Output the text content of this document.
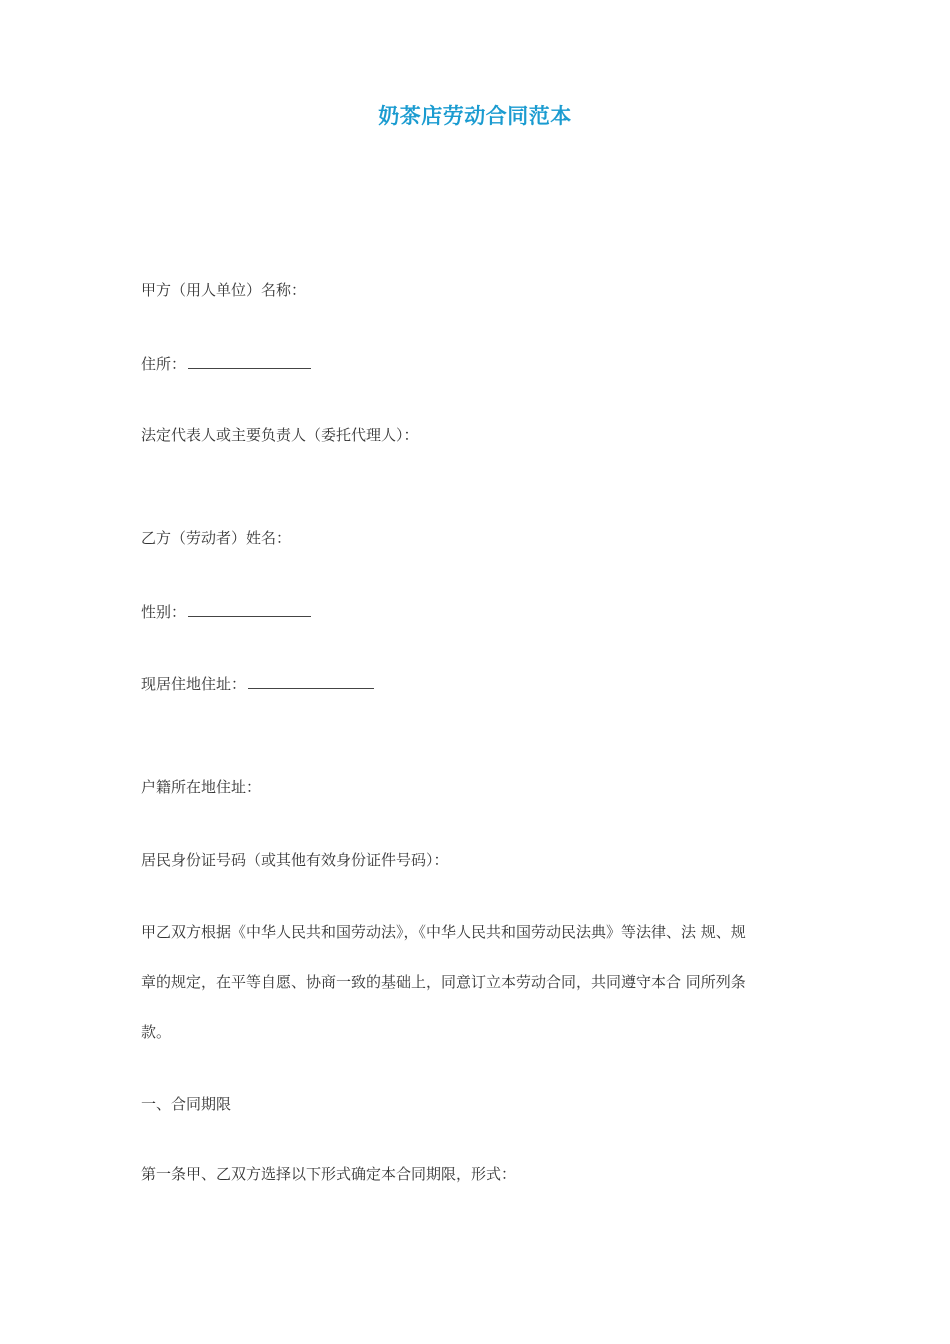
奶茶店劳动合同范本
甲方（用人单位）名称：
住所：
法定代表人或主要负责人（委托代理人）：
乙方（劳动者）姓名：
性别：
现居住地住址：
户籍所在地住址：
居民身份证号码（或其他有效身份证件号码）：
甲乙双方根据《中华人民共和国劳动法》，《中华人民共和国劳动民法典》等法律、法 规、规
章的规定，在平等自愿、协商一致的基础上，同意订立本劳动合同，共同遵守本合 同所列条
款。
一、合同期限
第一条甲、乙双方选择以下形式确定本合同期限，形式：
